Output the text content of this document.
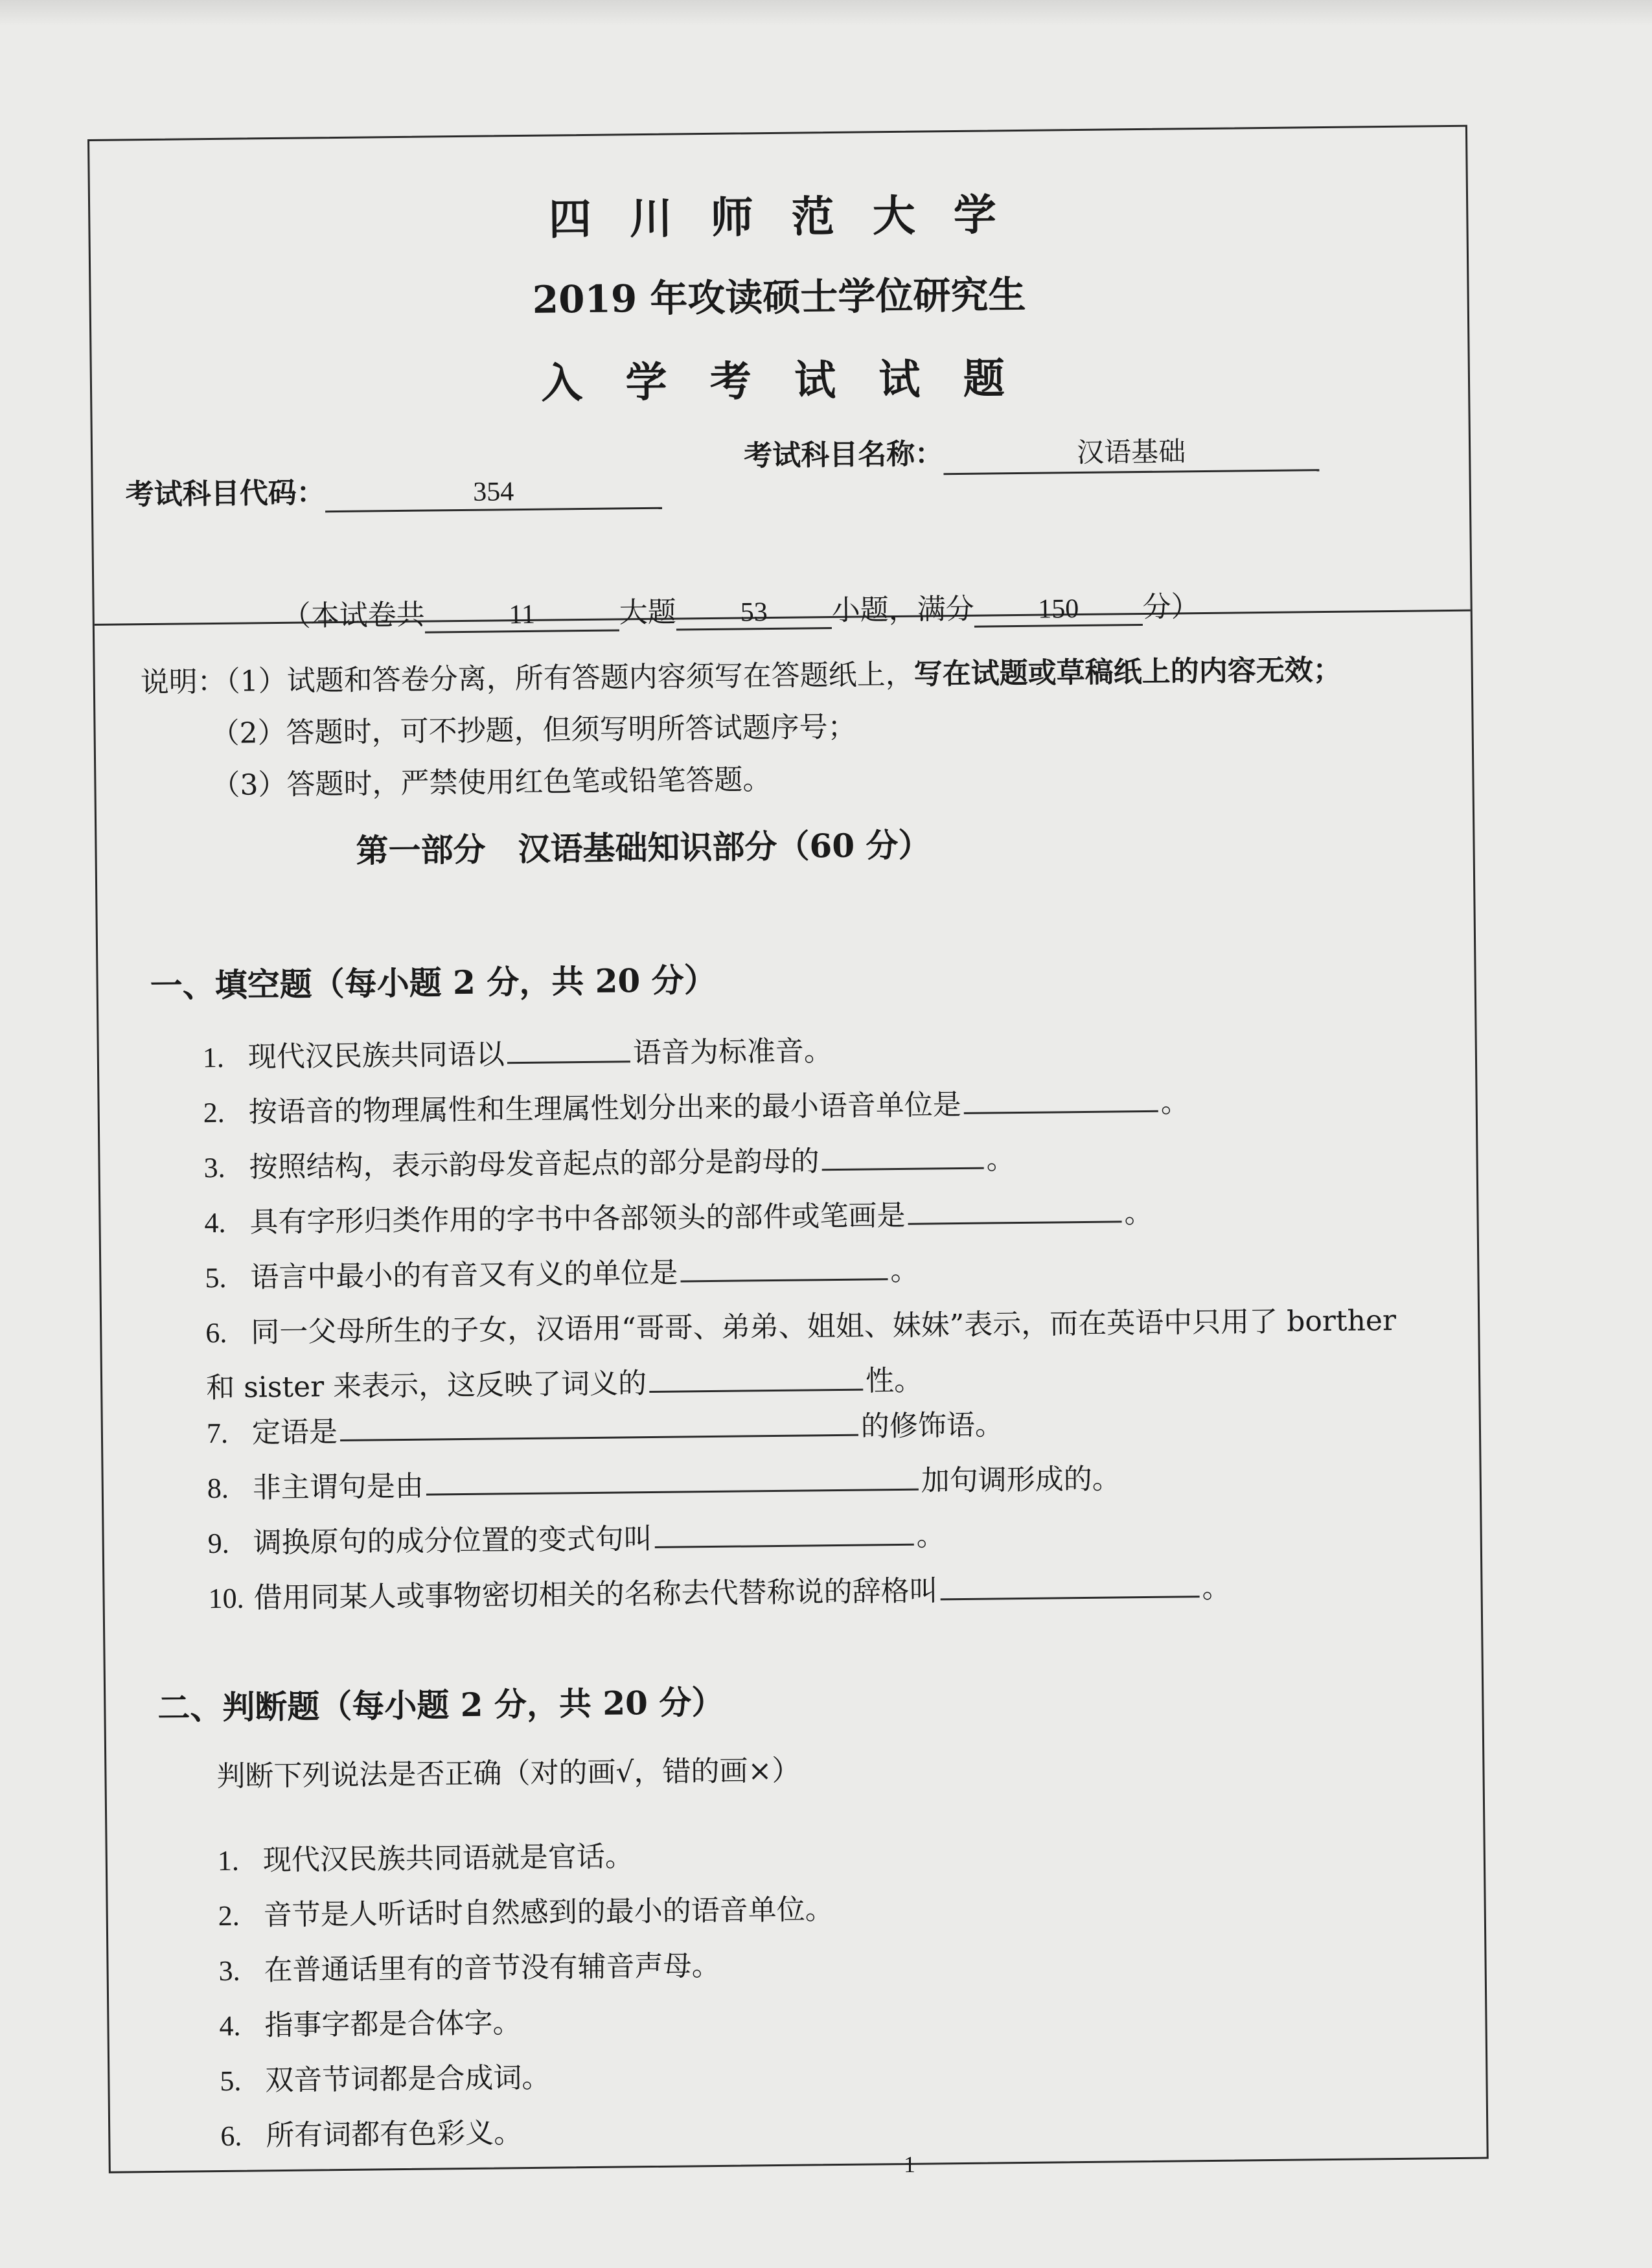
四 川 师 范 大 学
2019 年攻读硕士学位研究生
入 学 考 试 试 题
考试科目代码：	354
考试科目名称：	汉语基础
（本试卷共	11	大题 53 小题，满分 150 分）
说明：（1）试题和答卷分离，所有答题内容须写在答题纸上，写在试题或草稿纸上的内容无效；
（2）答题时，可不抄题，但须写明所答试题序号；
（3）答题时，严禁使用红色笔或铅笔答题。
第一部分　汉语基础知识部分（60 分）
一、填空题（每小题 2 分，共 20 分）
1. 现代汉民族共同语以	语音为标准音。
2. 按语音的物理属性和生理属性划分出来的最小语音单位是	。
3. 按照结构，表示韵母发音起点的部分是韵母的	。
4. 具有字形归类作用的字书中各部领头的部件或笔画是	。
5. 语言中最小的有音又有义的单位是	。
6. 同一父母所生的子女，汉语用“哥哥、弟弟、姐姐、妹妹”表示，而在英语中只用了 borther
和 sister 来表示，这反映了词义的	性。
7. 定语是	的修饰语。
8. 非主谓句是由	加句调形成的。
9. 调换原句的成分位置的变式句叫	。
10. 借用同某人或事物密切相关的名称去代替称说的辞格叫	。
二、判断题（每小题 2 分，共 20 分）
判断下列说法是否正确（对的画√，错的画×）
1. 现代汉民族共同语就是官话。
2. 音节是人听话时自然感到的最小的语音单位。
3. 在普通话里有的音节没有辅音声母。
4. 指事字都是合体字。
5. 双音节词都是合成词。
6. 所有词都有色彩义。
1
